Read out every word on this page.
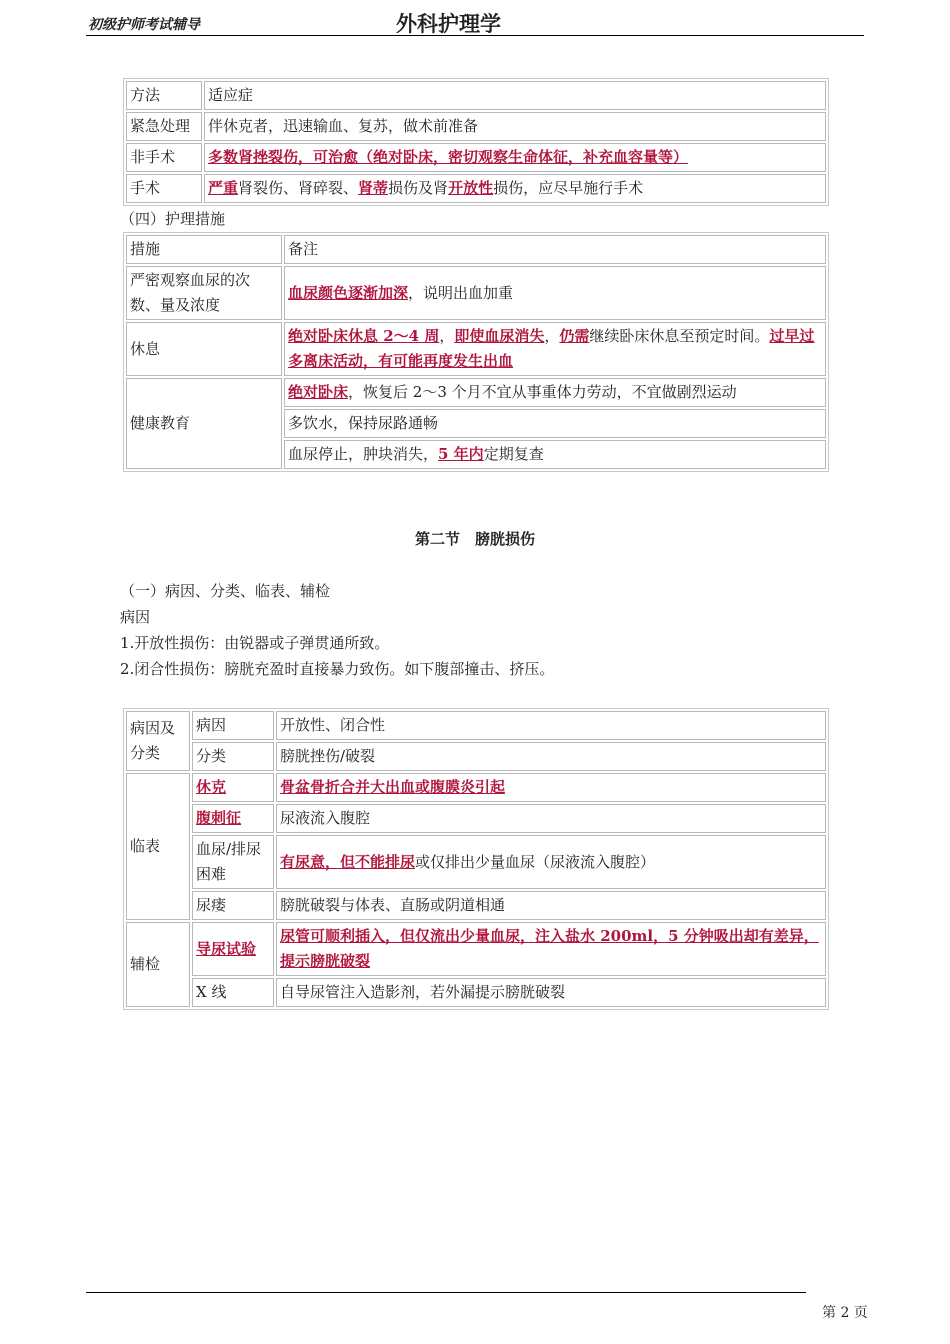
初级护师考试辅导	外科护理学
方法	适应症
紧急处理	伴休克者，迅速输血、复苏，做术前准备
非手术	多数肾挫裂伤，可治愈（绝对卧床，密切观察生命体征，补充血容量等）
手术	严重肾裂伤、肾碎裂、肾蒂损伤及肾开放性损伤，应尽早施行手术
（四）护理措施
措施	备注
严密观察血尿的次数、量及浓度	血尿颜色逐渐加深，说明出血加重
休息	绝对卧床休息 2～4 周，即使血尿消失，仍需继续卧床休息至预定时间。过早过多离床活动，有可能再度发生出血
健康教育	绝对卧床，恢复后 2～3 个月不宜从事重体力劳动，不宜做剧烈运动
	多饮水，保持尿路通畅
	血尿停止，肿块消失，5 年内定期复查
第二节　膀胱损伤
（一）病因、分类、临表、辅检
病因
1.开放性损伤：由锐器或子弹贯通所致。
2.闭合性损伤：膀胱充盈时直接暴力致伤。如下腹部撞击、挤压。
病因及分类	病因	开放性、闭合性
	分类	膀胱挫伤/破裂
临表	休克	骨盆骨折合并大出血或腹膜炎引起
	腹刺征	尿液流入腹腔
	血尿/排尿困难	有尿意，但不能排尿或仅排出少量血尿（尿液流入腹腔）
	尿瘘	膀胱破裂与体表、直肠或阴道相通
辅检	导尿试验	尿管可顺利插入，但仅流出少量血尿，注入盐水 200ml，5 分钟吸出却有差异，提示膀胱破裂
	X 线	自导尿管注入造影剂，若外漏提示膀胱破裂
第 2 页
